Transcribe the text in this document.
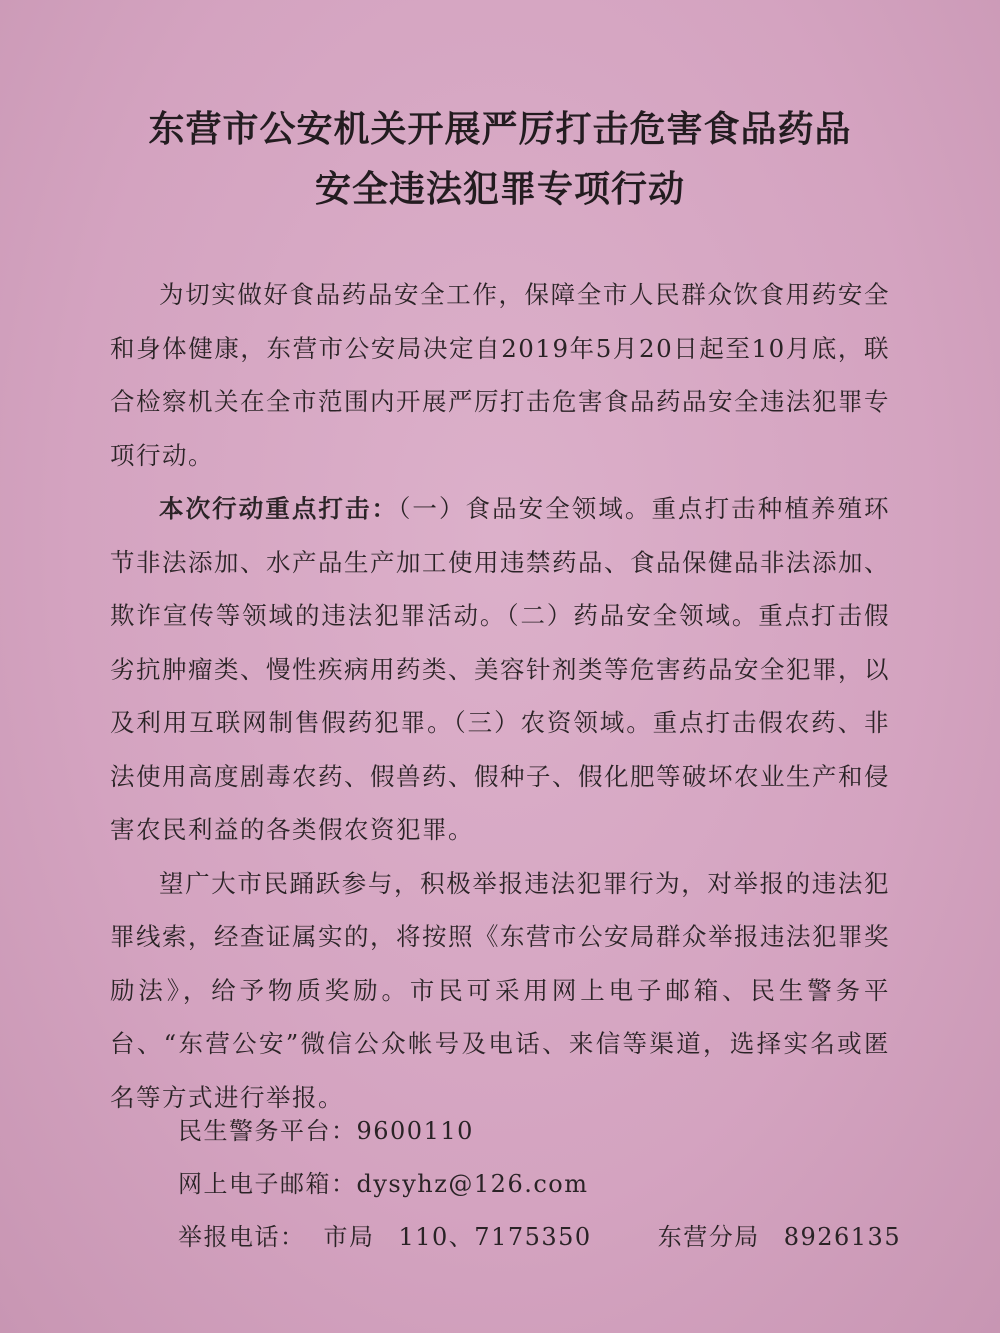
东营市公安机关开展严厉打击危害食品药品
安全违法犯罪专项行动

为切实做好食品药品安全工作，保障全市人民群众饮食用药安全和身体健康，东营市公安局决定自2019年5月20日起至10月底，联合检察机关在全市范围内开展严厉打击危害食品药品安全违法犯罪专项行动。

本次行动重点打击：（一）食品安全领域。重点打击种植养殖环节非法添加、水产品生产加工使用违禁药品、食品保健品非法添加、欺诈宣传等领域的违法犯罪活动。（二）药品安全领域。重点打击假劣抗肿瘤类、慢性疾病用药类、美容针剂类等危害药品安全犯罪，以及利用互联网制售假药犯罪。（三）农资领域。重点打击假农药、非法使用高度剧毒农药、假兽药、假种子、假化肥等破坏农业生产和侵害农民利益的各类假农资犯罪。

望广大市民踊跃参与，积极举报违法犯罪行为，对举报的违法犯罪线索，经查证属实的，将按照《东营市公安局群众举报违法犯罪奖励法》，给予物质奖励。市民可采用网上电子邮箱、民生警务平台、“东营公安”微信公众帐号及电话、来信等渠道，选择实名或匿名等方式进行举报。

民生警务平台：9600110
网上电子邮箱：dysyhz@126.com
举报电话： 市局 110、7175350	东营分局 8926135
